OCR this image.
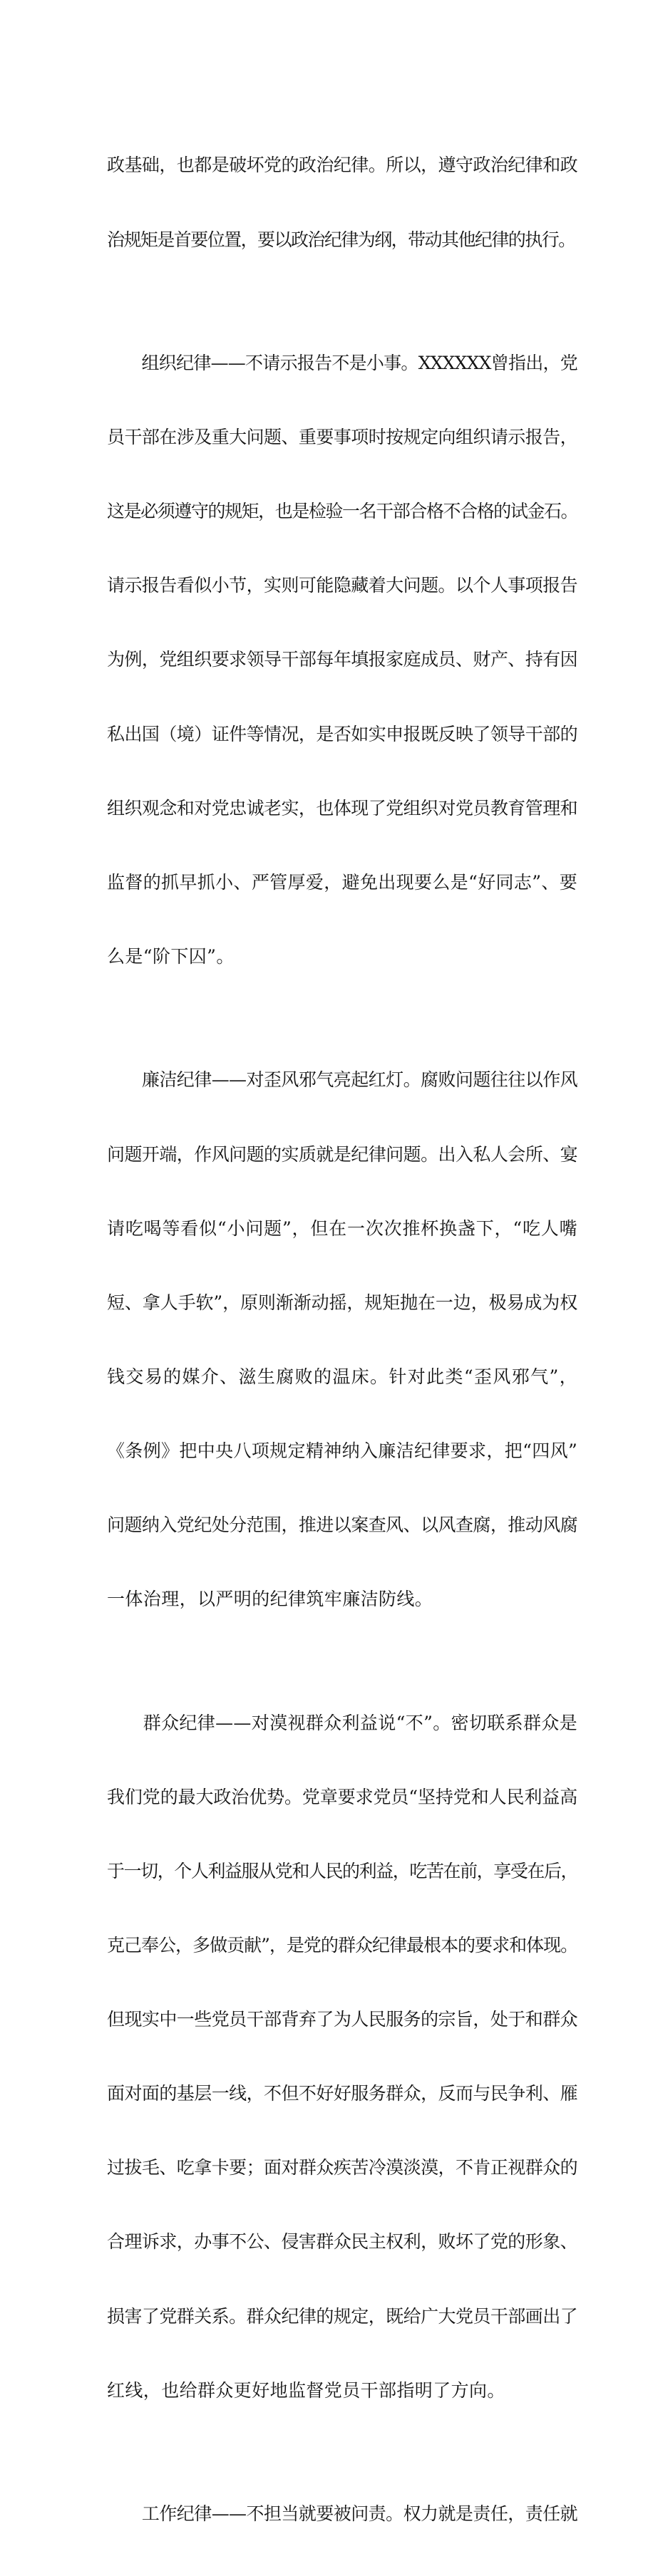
政基础，也都是破坏党的政治纪律。所以，遵守政治纪律和政

治规矩是首要位置，要以政治纪律为纲，带动其他纪律的执行。

　　组织纪律——不请示报告不是小事。XXXXXX曾指出，党

员干部在涉及重大问题、重要事项时按规定向组织请示报告，

这是必须遵守的规矩，也是检验一名干部合格不合格的试金石。

请示报告看似小节，实则可能隐藏着大问题。以个人事项报告

为例，党组织要求领导干部每年填报家庭成员、财产、持有因

私出国（境）证件等情况，是否如实申报既反映了领导干部的

组织观念和对党忠诚老实，也体现了党组织对党员教育管理和

监督的抓早抓小、严管厚爱，避免出现要么是“好同志”、要

么是“阶下囚”。

　　廉洁纪律——对歪风邪气亮起红灯。腐败问题往往以作风

问题开端，作风问题的实质就是纪律问题。出入私人会所、宴

请吃喝等看似“小问题”，但在一次次推杯换盏下，“吃人嘴

短、拿人手软”，原则渐渐动摇，规矩抛在一边，极易成为权

钱交易的媒介、滋生腐败的温床。针对此类“歪风邪气”，

《条例》把中央八项规定精神纳入廉洁纪律要求，把“四风”

问题纳入党纪处分范围，推进以案查风、以风查腐，推动风腐

一体治理，以严明的纪律筑牢廉洁防线。

　　群众纪律——对漠视群众利益说“不”。密切联系群众是

我们党的最大政治优势。党章要求党员“坚持党和人民利益高

于一切，个人利益服从党和人民的利益，吃苦在前，享受在后，

克己奉公，多做贡献”，是党的群众纪律最根本的要求和体现。

但现实中一些党员干部背弃了为人民服务的宗旨，处于和群众

面对面的基层一线，不但不好好服务群众，反而与民争利、雁

过拔毛、吃拿卡要；面对群众疾苦冷漠淡漠，不肯正视群众的

合理诉求，办事不公、侵害群众民主权利，败坏了党的形象、

损害了党群关系。群众纪律的规定，既给广大党员干部画出了

红线，也给群众更好地监督党员干部指明了方向。

　　工作纪律——不担当就要被问责。权力就是责任，责任就
